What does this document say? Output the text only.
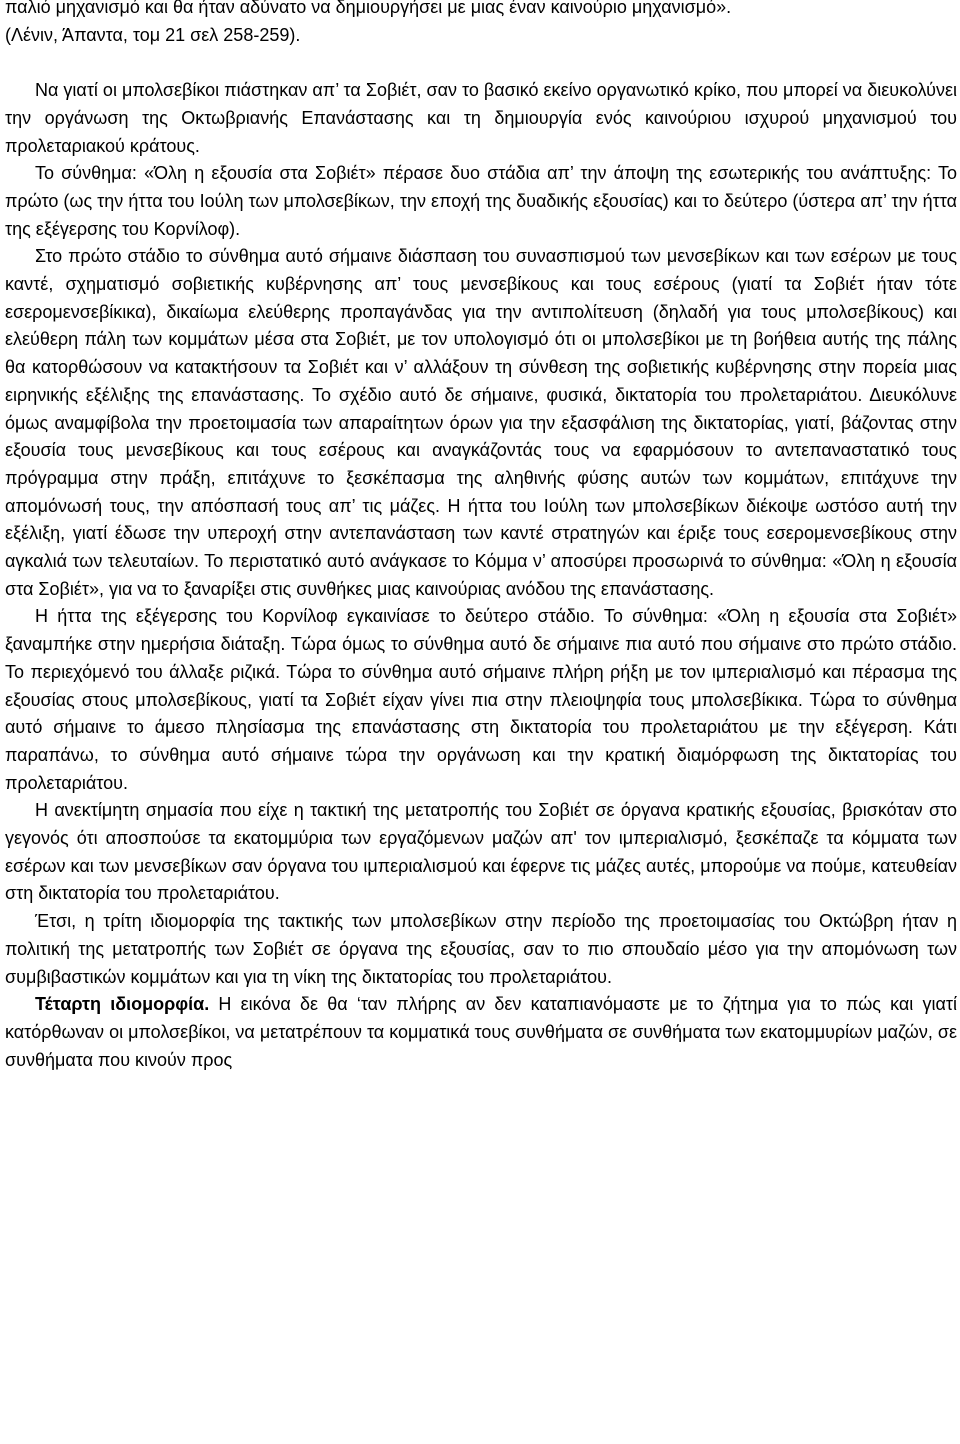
παλιό μηχανισμό και θα ήταν αδύνατο να δημιουργήσει με μιας έναν καινούριο μηχανισμό».
(Λένιν, Άπαντα, τομ 21 σελ 258-259).

Να γιατί οι μπολσεβίκοι πιάστηκαν απ’ τα Σοβιέτ, σαν το βασικό εκείνο οργανωτικό κρίκο, που μπορεί να διευκολύνει την οργάνωση της Οκτωβριανής Επανάστασης και τη δημιουργία ενός καινούριου ισχυρού μηχανισμού του προλεταριακού κράτους.

Το σύνθημα: «Όλη η εξουσία στα Σοβιέτ» πέρασε δυο στάδια απ’ την άποψη της εσωτερικής του ανάπτυξης: Το πρώτο (ως την ήττα του Ιούλη των μπολσεβίκων, την εποχή της δυαδικής εξουσίας) και το δεύτερο (ύστερα απ’ την ήττα της εξέγερσης του Κορνίλοφ).

Στο πρώτο στάδιο το σύνθημα αυτό σήμαινε διάσπαση του συνασπισμού των μενσεβίκων και των εσέρων με τους καντέ, σχηματισμό σοβιετικής κυβέρνησης απ’ τους μενσεβίκους και τους εσέρους (γιατί τα Σοβιέτ ήταν τότε εσερομενσεβίκικα), δικαίωμα ελεύθερης προπαγάνδας για την αντιπολίτευση (δηλαδή για τους μπολσεβίκους) και ελεύθερη πάλη των κομμάτων μέσα στα Σοβιέτ, με τον υπολογισμό ότι οι μπολσεβίκοι με τη βοήθεια αυτής της πάλης θα κατορθώσουν να κατακτήσουν τα Σοβιέτ και ν’ αλλάξουν τη σύνθεση της σοβιετικής κυβέρνησης στην πορεία μιας ειρηνικής εξέλιξης της επανάστασης. Το σχέδιο αυτό δε σήμαινε, φυσικά, δικτατορία του προλεταριάτου. Διευκόλυνε όμως αναμφίβολα την προετοιμασία των απαραίτητων όρων για την εξασφάλιση της δικτατορίας, γιατί, βάζοντας στην εξουσία τους μενσεβίκους και τους εσέρους και αναγκάζοντάς τους να εφαρμόσουν το αντεπαναστατικό τους πρόγραμμα στην πράξη, επιτάχυνε το ξεσκέπασμα της αληθινής φύσης αυτών των κομμάτων, επιτάχυνε την απομόνωσή τους, την απόσπασή τους απ’ τις μάζες. Η ήττα του Ιούλη των μπολσεβίκων διέκοψε ωστόσο αυτή την εξέλιξη, γιατί έδωσε την υπεροχή στην αντεπανάσταση των καντέ στρατηγών και έριξε τους εσερομενσεβίκους στην αγκαλιά των τελευταίων. Το περιστατικό αυτό ανάγκασε το Κόμμα ν’ αποσύρει προσωρινά το σύνθημα: «Όλη η εξουσία στα Σοβιέτ», για να το ξαναρίξει στις συνθήκες μιας καινούριας ανόδου της επανάστασης.

Η ήττα της εξέγερσης του Κορνίλοφ εγκαινίασε το δεύτερο στάδιο. Το σύνθημα: «Όλη η εξουσία στα Σοβιέτ» ξαναμπήκε στην ημερήσια διάταξη. Τώρα όμως το σύνθημα αυτό δε σήμαινε πια αυτό που σήμαινε στο πρώτο στάδιο. Το περιεχόμενό του άλλαξε ριζικά. Τώρα το σύνθημα αυτό σήμαινε πλήρη ρήξη με τον ιμπεριαλισμό και πέρασμα της εξουσίας στους μπολσεβίκους, γιατί τα Σοβιέτ είχαν γίνει πια στην πλειοψηφία τους μπολσεβίκικα. Τώρα το σύνθημα αυτό σήμαινε το άμεσο πλησίασμα της επανάστασης στη δικτατορία του προλεταριάτου με την εξέγερση. Κάτι παραπάνω, το σύνθημα αυτό σήμαινε τώρα την οργάνωση και την κρατική διαμόρφωση της δικτατορίας του προλεταριάτου.

Η ανεκτίμητη σημασία που είχε η τακτική της μετατροπής του Σοβιέτ σε όργανα κρατικής εξουσίας, βρισκόταν στο γεγονός ότι αποσπούσε τα εκατομμύρια των εργαζόμενων μαζών απ' τον ιμπεριαλισμό, ξεσκέπαζε τα κόμματα των εσέρων και των μενσεβίκων σαν όργανα του ιμπεριαλισμού και έφερνε τις μάζες αυτές, μπορούμε να πούμε, κατευθείαν στη δικτατορία του προλεταριάτου.

Έτσι, η τρίτη ιδιομορφία της τακτικής των μπολσεβίκων στην περίοδο της προετοιμασίας του Οκτώβρη ήταν η πολιτική της μετατροπής των Σοβιέτ σε όργανα της εξουσίας, σαν το πιο σπουδαίο μέσο για την απομόνωση των συμβιβαστικών κομμάτων και για τη νίκη της δικτατορίας του προλεταριάτου.

Τέταρτη ιδιομορφία. Η εικόνα δε θα ‘ταν πλήρης αν δεν καταπιανόμαστε με το ζήτημα για το πώς και γιατί κατόρθωναν οι μπολσεβίκοι, να μετατρέπουν τα κομματικά τους συνθήματα σε συνθήματα των εκατομμυρίων μαζών, σε συνθήματα που κινούν προς
